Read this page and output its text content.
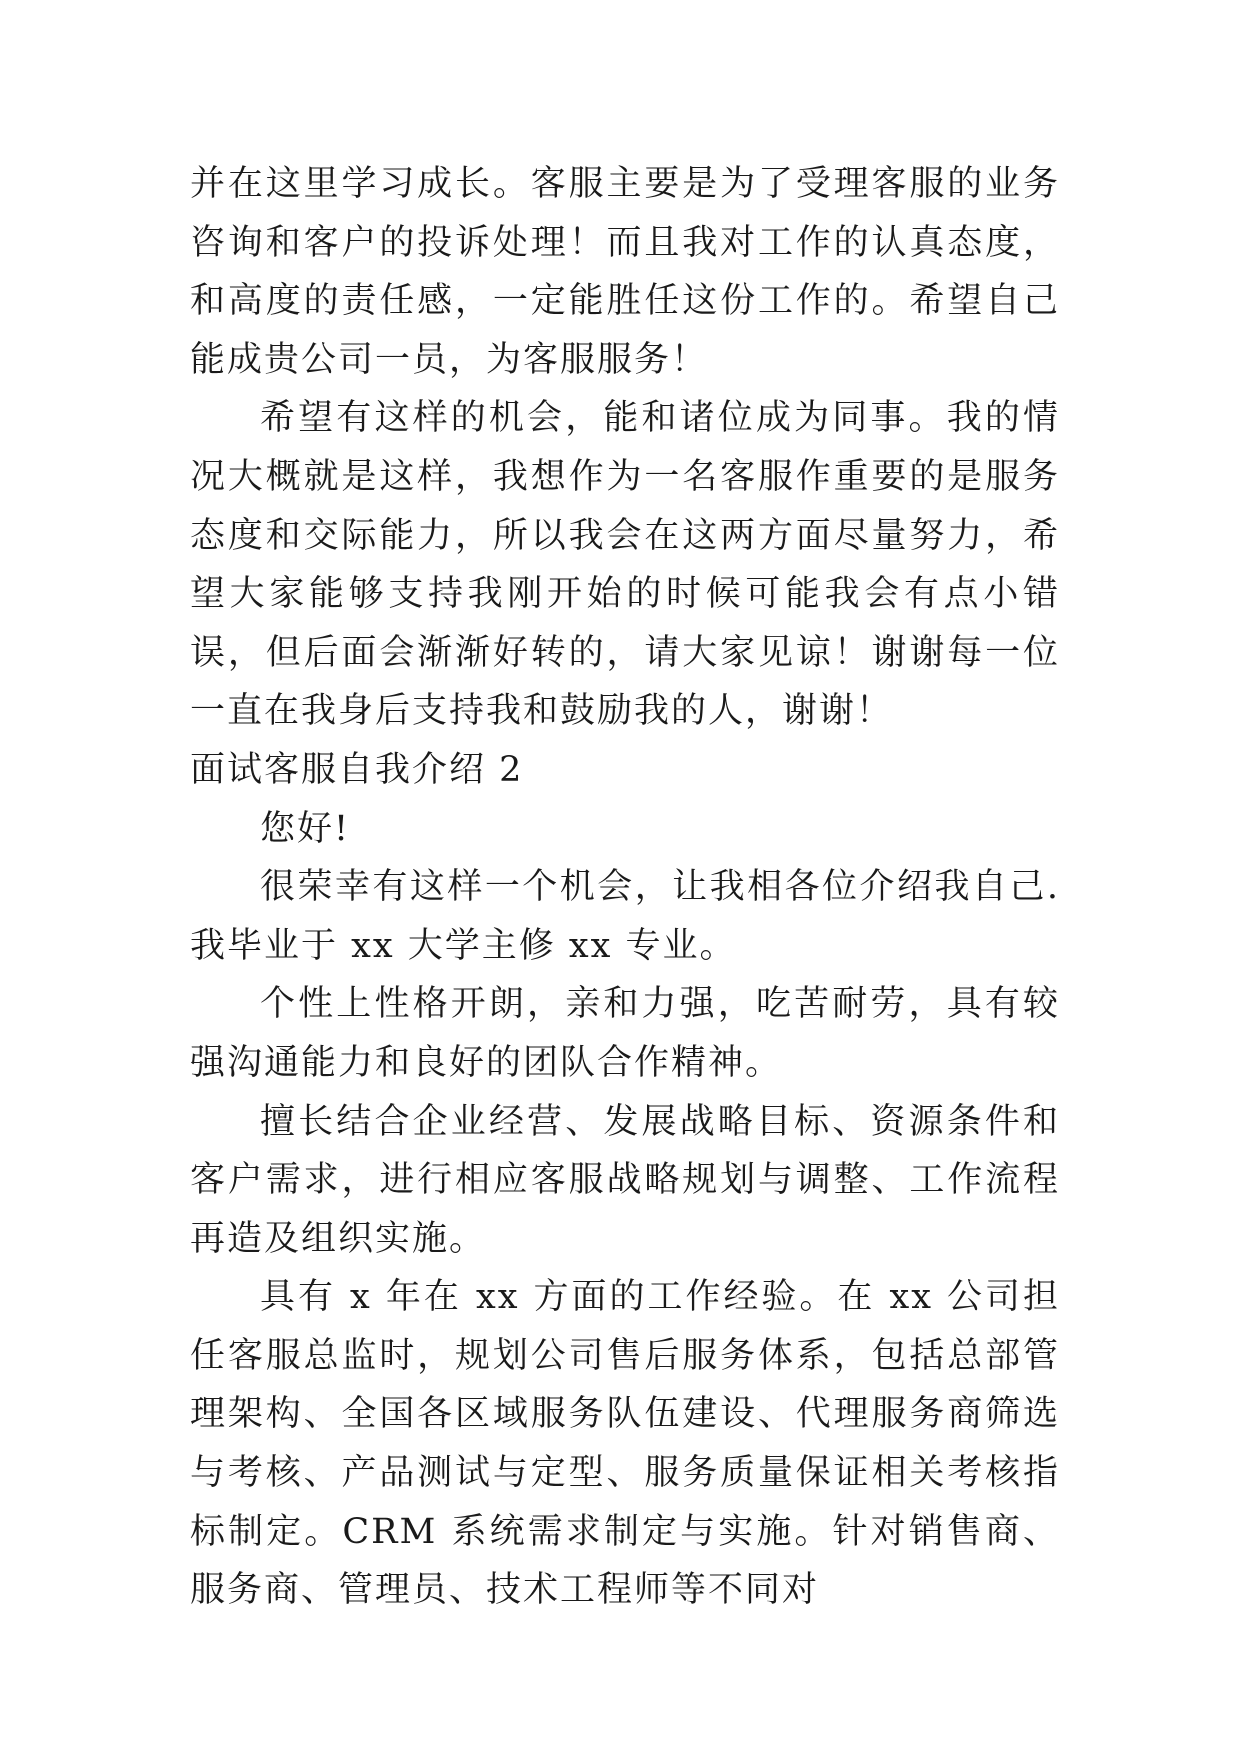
并在这里学习成长。客服主要是为了受理客服的业务咨询和客户的投诉处理！而且我对工作的认真态度，和高度的责任感，一定能胜任这份工作的。希望自己能成贵公司一员，为客服服务！

希望有这样的机会，能和诸位成为同事。我的情况大概就是这样，我想作为一名客服作重要的是服务态度和交际能力，所以我会在这两方面尽量努力，希望大家能够支持我刚开始的时候可能我会有点小错误，但后面会渐渐好转的，请大家见谅！谢谢每一位一直在我身后支持我和鼓励我的人，谢谢！

面试客服自我介绍 2

您好!

很荣幸有这样一个机会，让我相各位介绍我自己.我毕业于 xx 大学主修 xx 专业。

个性上性格开朗，亲和力强，吃苦耐劳，具有较强沟通能力和良好的团队合作精神。

擅长结合企业经营、发展战略目标、资源条件和客户需求，进行相应客服战略规划与调整、工作流程再造及组织实施。

具有 x 年在 xx 方面的工作经验。在 xx 公司担任客服总监时，规划公司售后服务体系，包括总部管理架构、全国各区域服务队伍建设、代理服务商筛选与考核、产品测试与定型、服务质量保证相关考核指标制定。CRM 系统需求制定与实施。针对销售商、服务商、管理员、技术工程师等不同对
